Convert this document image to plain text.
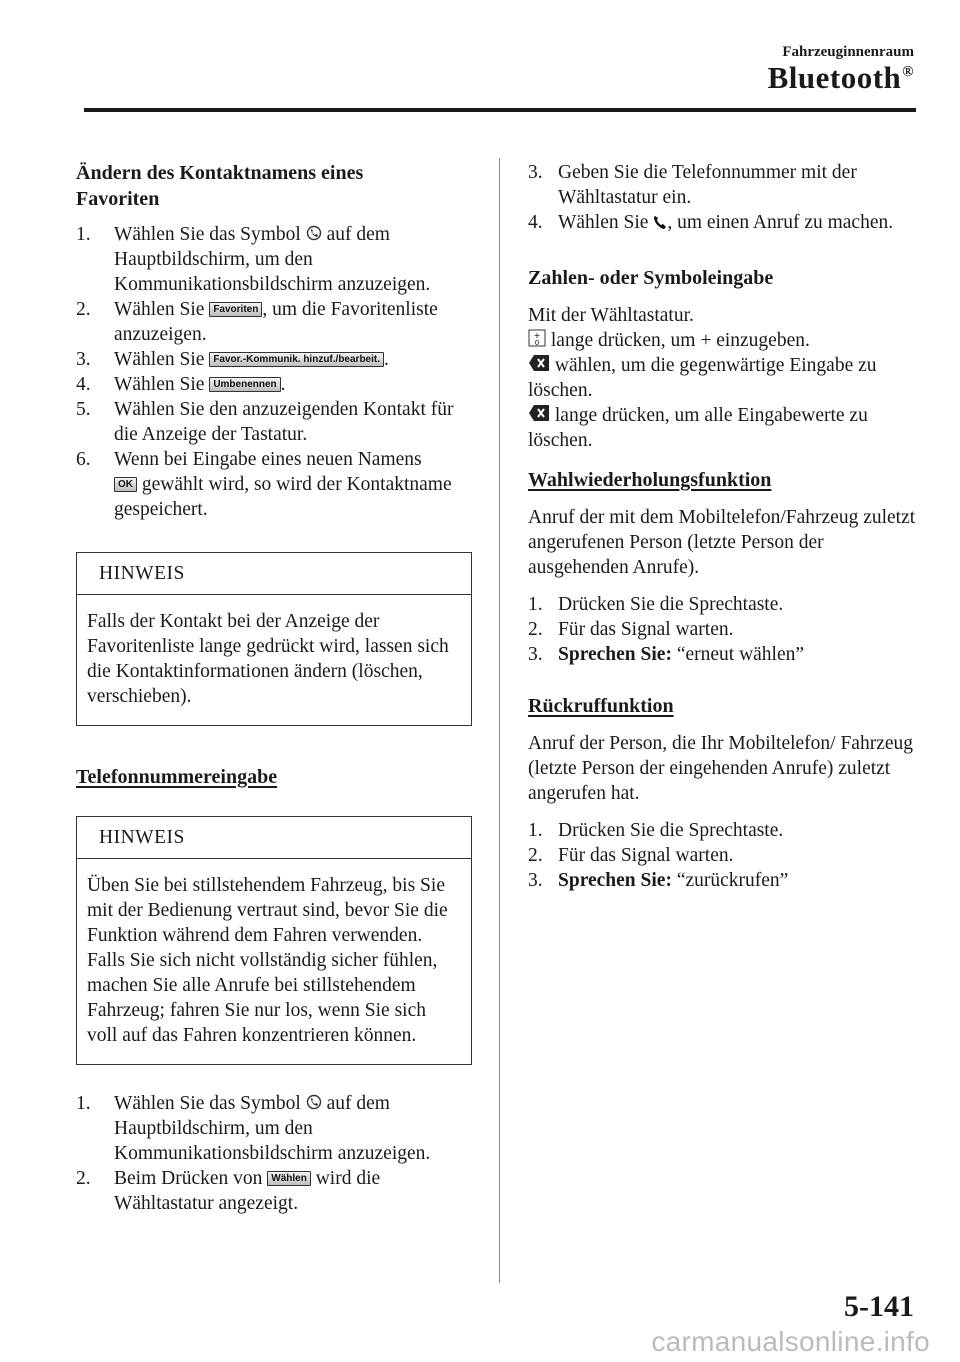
Fahrzeuginnenraum
Bluetooth®
Ändern des Kontaktnamens eines Favoriten
1. Wählen Sie das Symbol auf dem Hauptbildschirm, um den Kommunikationsbildschirm anzuzeigen.
2. Wählen Sie Favoriten , um die Favoritenliste anzuzeigen.
3. Wählen Sie Favor.-Kommunik. hinzuf./bearbeit. .
4. Wählen Sie Umbenennen .
5. Wählen Sie den anzuzeigenden Kontakt für die Anzeige der Tastatur.
6. Wenn bei Eingabe eines neuen Namens
OK gewählt wird, so wird der Kontaktname gespeichert.
HINWEIS
Falls der Kontakt bei der Anzeige der Favoritenliste lange gedrückt wird, lassen sich die Kontaktinformationen ändern (löschen, verschieben).
Telefonnummereingabe
HINWEIS
Üben Sie bei stillstehendem Fahrzeug, bis Sie mit der Bedienung vertraut sind, bevor Sie die Funktion während dem Fahren verwenden. Falls Sie sich nicht vollständig sicher fühlen, machen Sie alle Anrufe bei stillstehendem Fahrzeug; fahren Sie nur los, wenn Sie sich voll auf das Fahren konzentrieren können.
1. Wählen Sie das Symbol auf dem Hauptbildschirm, um den Kommunikationsbildschirm anzuzeigen.
2. Beim Drücken von Wählen wird die Wähltastatur angezeigt.
3. Geben Sie die Telefonnummer mit der Wähltastatur ein.
4. Wählen Sie , um einen Anruf zu machen.
Zahlen- oder Symboleingabe

Mit der Wähltastatur.

+
0 lange drücken, um + einzugeben.

wählen, um die gegenwärtige Eingabe zu löschen.

lange drücken, um alle Eingabewerte zu löschen.

Wahlwiederholungsfunktion

Anruf der mit dem Mobiltelefon/Fahrzeug zuletzt angerufenen Person (letzte Person der ausgehenden Anrufe).

1. Drücken Sie die Sprechtaste.
2. Für das Signal warten.
3. Sprechen Sie: “erneut wählen”
Rückruffunktion

Anruf der Person, die Ihr Mobiltelefon/ Fahrzeug (letzte Person der eingehenden Anrufe) zuletzt angerufen hat.

1. Drücken Sie die Sprechtaste.
2. Für das Signal warten.
3. Sprechen Sie: “zurückrufen”
5-141
carmanualsonline.info
